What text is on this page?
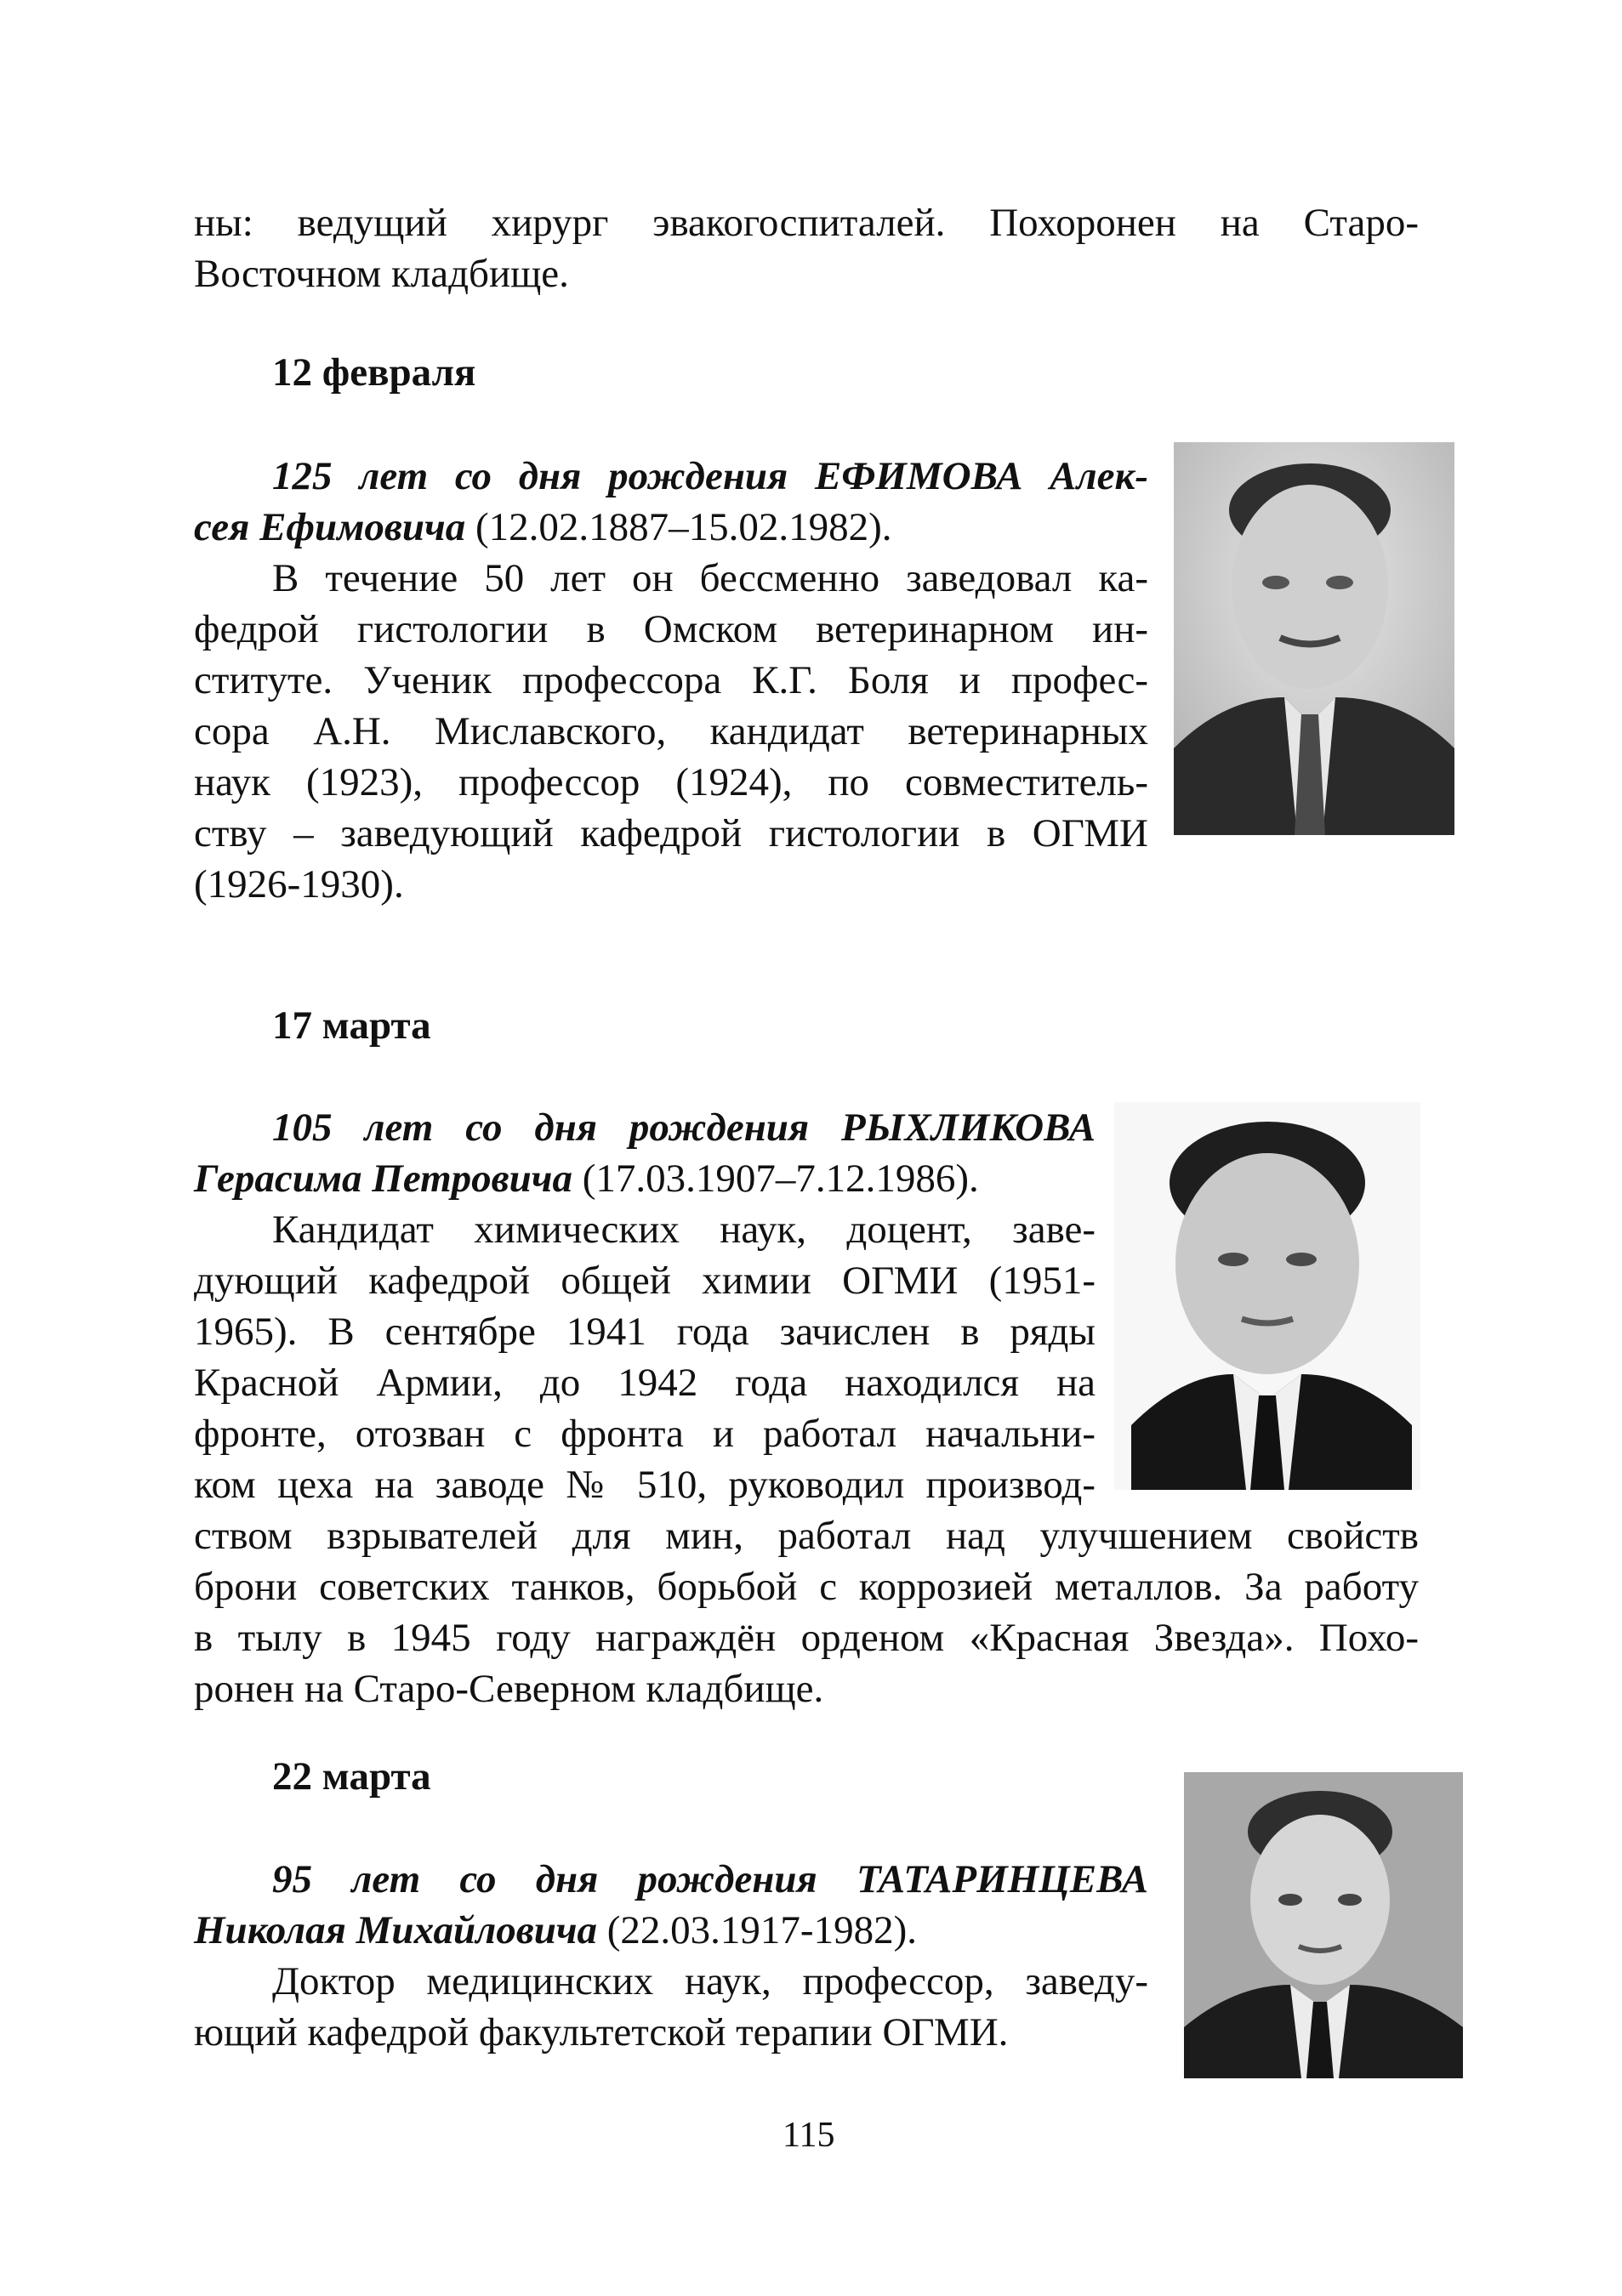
ны: ведущий хирург эвакогоспиталей. Похоронен на Старо-
Восточном кладбище.
12 февраля
125 лет со дня рождения ЕФИМОВА Алек-
сея Ефимовича (12.02.1887–15.02.1982).
В течение 50 лет он бессменно заведовал ка-
федрой гистологии в Омском ветеринарном ин-
ституте. Ученик профессора К.Г. Боля и профес-
сора А.Н. Миславского, кандидат ветеринарных
наук (1923), профессор (1924), по совместитель-
ству – заведующий кафедрой гистологии в ОГМИ
(1926-1930).
17 марта
105 лет со дня рождения РЫХЛИКОВА
Герасима Петровича (17.03.1907–7.12.1986).
Кандидат химических наук, доцент, заве-
дующий кафедрой общей химии ОГМИ (1951-
1965). В сентябре 1941 года зачислен в ряды
Красной Армии, до 1942 года находился на
фронте, отозван с фронта и работал начальни-
ком цеха на заводе № 510, руководил производ-
ством взрывателей для мин, работал над улучшением свойств
брони советских танков, борьбой с коррозией металлов. За работу
в тылу в 1945 году награждён орденом «Красная Звезда». Похо-
ронен на Старо-Северном кладбище.
22 марта
95 лет со дня рождения ТАТАРИНЦЕВА
Николая Михайловича (22.03.1917-1982).
Доктор медицинских наук, профессор, заведу-
ющий кафедрой факультетской терапии ОГМИ.
115
